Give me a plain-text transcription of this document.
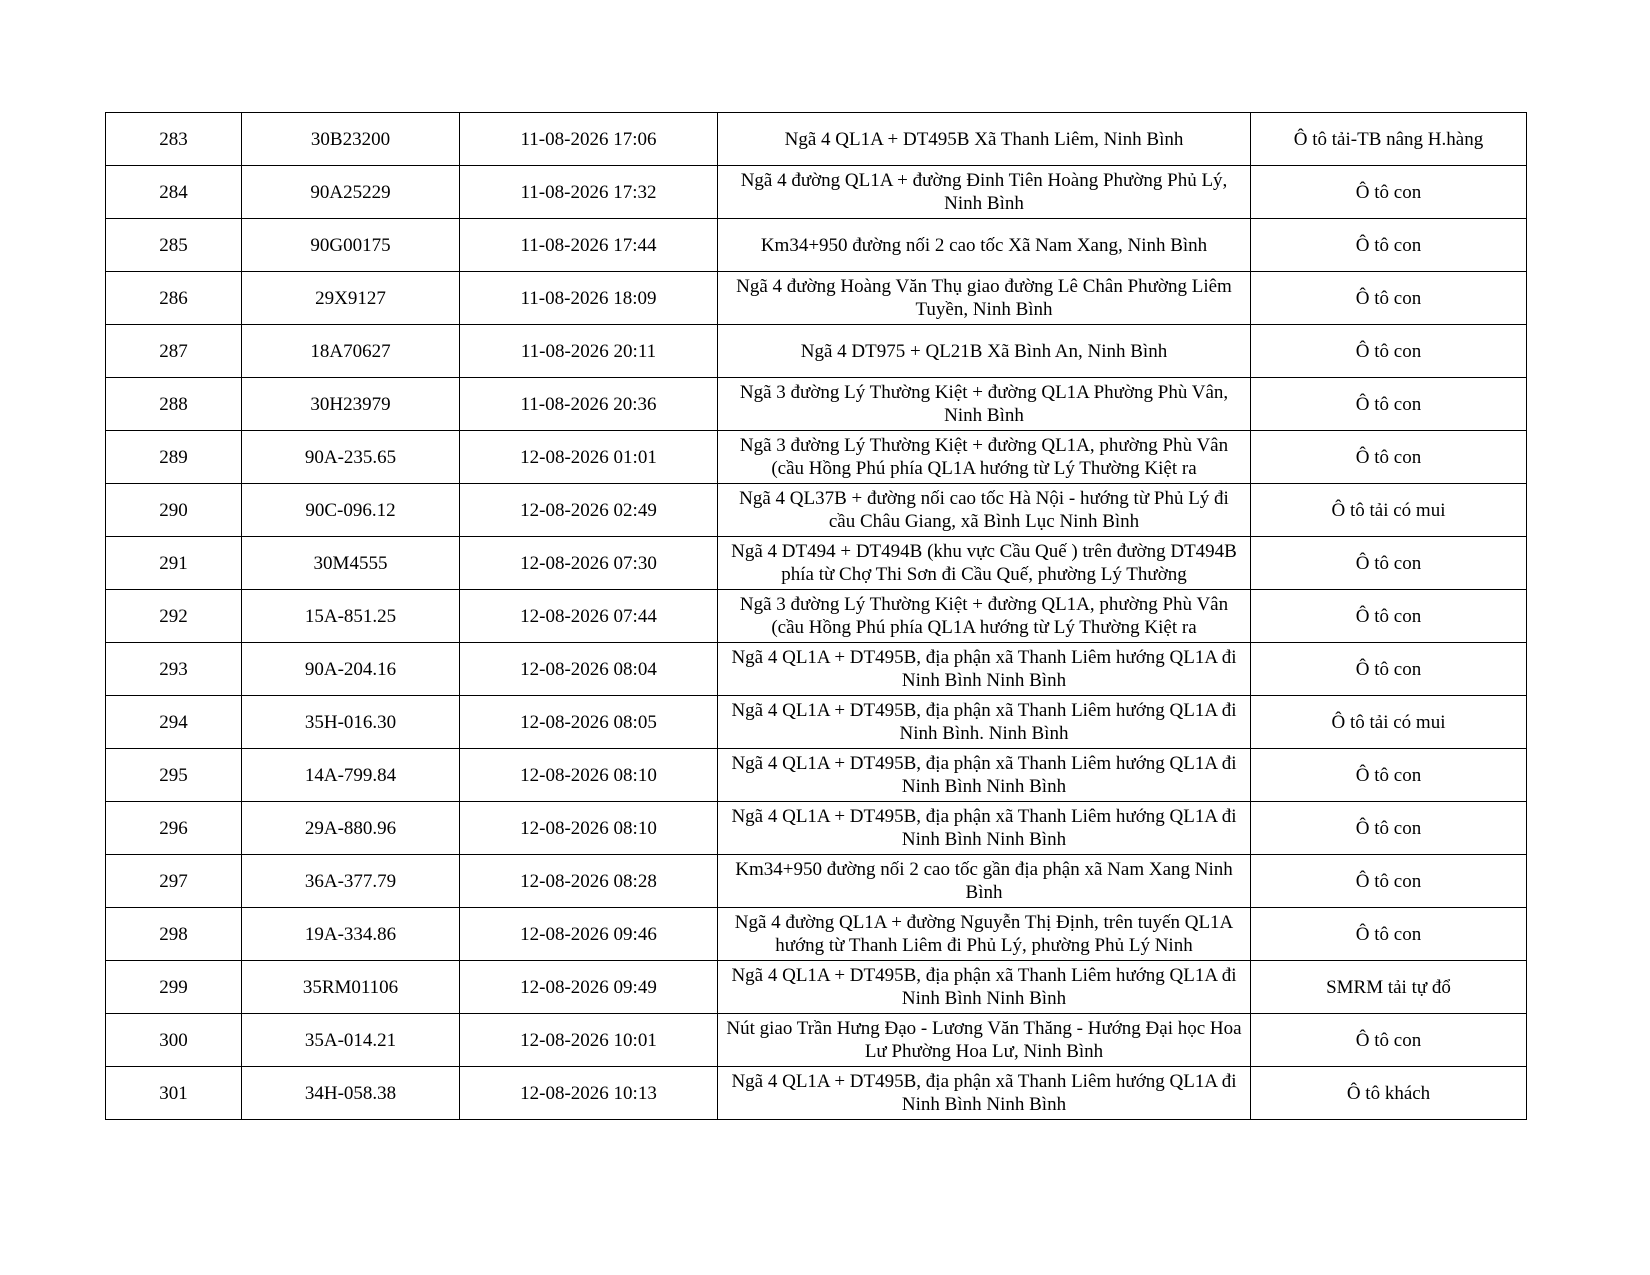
283	30B23200	11-08-2026 17:06	Ngã 4 QL1A + DT495B Xã Thanh Liêm, Ninh Bình	Ô tô tải-TB nâng H.hàng
284	90A25229	11-08-2026 17:32	Ngã 4 đường QL1A + đường Đinh Tiên Hoàng Phường Phủ Lý, Ninh Bình	Ô tô con
285	90G00175	11-08-2026 17:44	Km34+950 đường nối 2 cao tốc Xã Nam Xang, Ninh Bình	Ô tô con
286	29X9127	11-08-2026 18:09	Ngã 4 đường Hoàng Văn Thụ giao đường Lê Chân Phường Liêm Tuyền, Ninh Bình	Ô tô con
287	18A70627	11-08-2026 20:11	Ngã 4 DT975 + QL21B Xã Bình An, Ninh Bình	Ô tô con
288	30H23979	11-08-2026 20:36	Ngã 3 đường Lý Thường Kiệt + đường QL1A Phường Phù Vân, Ninh Bình	Ô tô con
289	90A-235.65	12-08-2026 01:01	Ngã 3 đường Lý Thường Kiệt + đường QL1A, phường Phù Vân (cầu Hồng Phú phía QL1A hướng từ Lý Thường Kiệt ra	Ô tô con
290	90C-096.12	12-08-2026 02:49	Ngã 4 QL37B + đường nối cao tốc Hà Nội - hướng từ Phủ Lý đi cầu Châu Giang, xã Bình Lục Ninh Bình	Ô tô tải có mui
291	30M4555	12-08-2026 07:30	Ngã 4 DT494 + DT494B (khu vực Cầu Quế ) trên đường DT494B phía từ Chợ Thi Sơn đi Cầu Quế, phường Lý Thường	Ô tô con
292	15A-851.25	12-08-2026 07:44	Ngã 3 đường Lý Thường Kiệt + đường QL1A, phường Phù Vân (cầu Hồng Phú phía QL1A hướng từ Lý Thường Kiệt ra	Ô tô con
293	90A-204.16	12-08-2026 08:04	Ngã 4 QL1A + DT495B, địa phận xã Thanh Liêm hướng QL1A đi Ninh Bình Ninh Bình	Ô tô con
294	35H-016.30	12-08-2026 08:05	Ngã 4 QL1A + DT495B, địa phận xã Thanh Liêm hướng QL1A đi Ninh Bình. Ninh Bình	Ô tô tải có mui
295	14A-799.84	12-08-2026 08:10	Ngã 4 QL1A + DT495B, địa phận xã Thanh Liêm hướng QL1A đi Ninh Bình Ninh Bình	Ô tô con
296	29A-880.96	12-08-2026 08:10	Ngã 4 QL1A + DT495B, địa phận xã Thanh Liêm hướng QL1A đi Ninh Bình Ninh Bình	Ô tô con
297	36A-377.79	12-08-2026 08:28	Km34+950 đường nối 2 cao tốc gần địa phận xã Nam Xang Ninh Bình	Ô tô con
298	19A-334.86	12-08-2026 09:46	Ngã 4 đường QL1A + đường Nguyễn Thị Định, trên tuyến QL1A hướng từ Thanh Liêm đi Phủ Lý, phường Phủ Lý Ninh	Ô tô con
299	35RM01106	12-08-2026 09:49	Ngã 4 QL1A + DT495B, địa phận xã Thanh Liêm hướng QL1A đi Ninh Bình Ninh Bình	SMRM tải tự đổ
300	35A-014.21	12-08-2026 10:01	Nút giao Trần Hưng Đạo - Lương Văn Thăng - Hướng Đại học Hoa Lư Phường Hoa Lư, Ninh Bình	Ô tô con
301	34H-058.38	12-08-2026 10:13	Ngã 4 QL1A + DT495B, địa phận xã Thanh Liêm hướng QL1A đi Ninh Bình Ninh Bình	Ô tô khách
